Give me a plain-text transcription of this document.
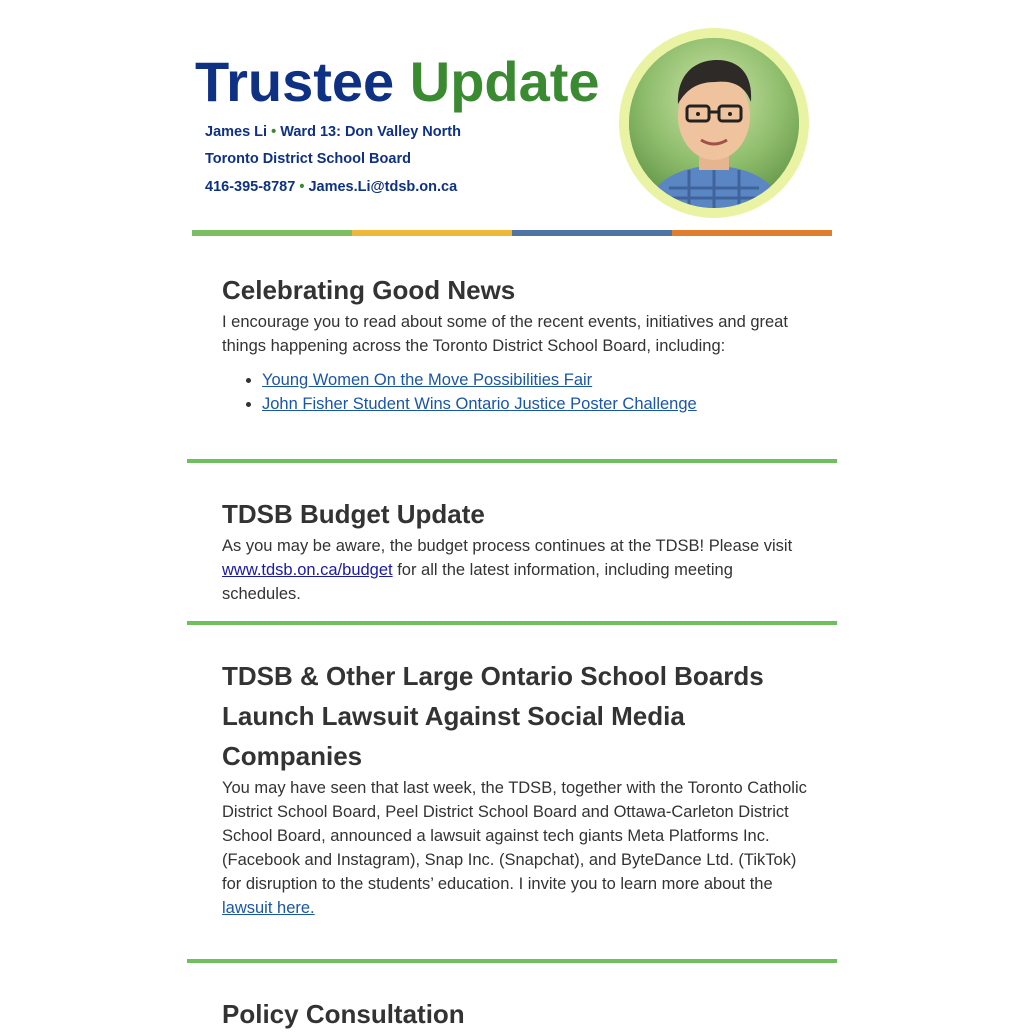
Trustee Update
James Li • Ward 13: Don Valley North
Toronto District School Board
416-395-8787 • James.Li@tdsb.on.ca
Celebrating Good News

I encourage you to read about some of the recent events, initiatives and great things happening across the Toronto District School Board, including:

• Young Women On the Move Possibilities Fair
• John Fisher Student Wins Ontario Justice Poster Challenge
TDSB Budget Update

As you may be aware, the budget process continues at the TDSB! Please visit www.tdsb.on.ca/budget for all the latest information, including meeting schedules.

TDSB & Other Large Ontario School Boards Launch Lawsuit Against Social Media Companies

You may have seen that last week, the TDSB, together with the Toronto Catholic District School Board, Peel District School Board and Ottawa-Carleton District School Board, announced a lawsuit against tech giants Meta Platforms Inc. (Facebook and Instagram), Snap Inc. (Snapchat), and ByteDance Ltd. (TikTok) for disruption to the students’ education. I invite you to learn more about the lawsuit here.

Policy Consultation
